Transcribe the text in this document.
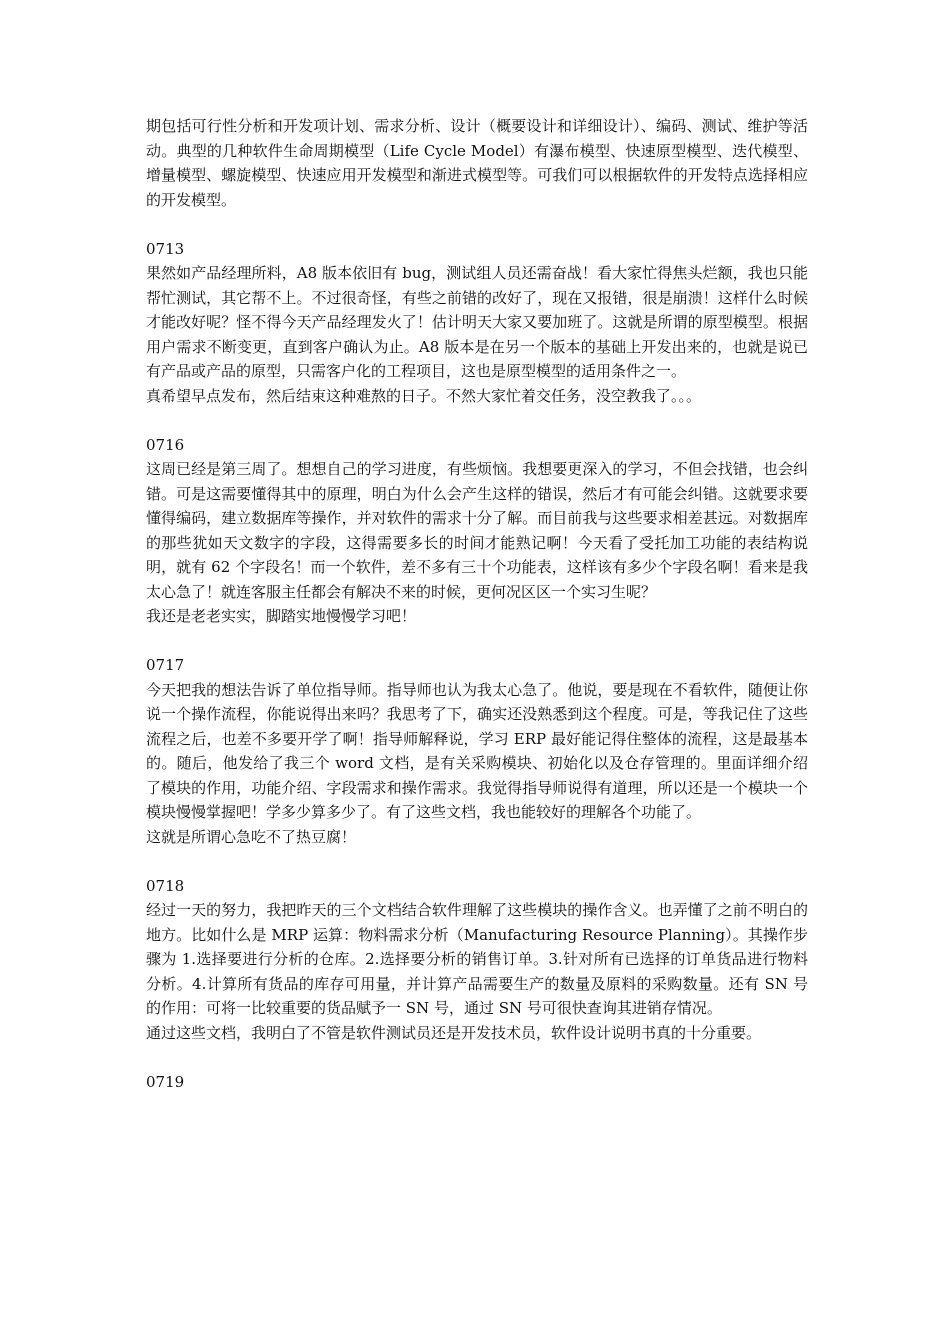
期包括可行性分析和开发项计划、需求分析、设计（概要设计和详细设计）、编码、测试、维护等活动。典型的几种软件生命周期模型（Life Cycle Model）有瀑布模型、快速原型模型、迭代模型、增量模型、螺旋模型、快速应用开发模型和渐进式模型等。可我们可以根据软件的开发特点选择相应的开发模型。

0713

果然如产品经理所料，A8 版本依旧有 bug，测试组人员还需奋战！看大家忙得焦头烂额，我也只能帮忙测试，其它帮不上。不过很奇怪，有些之前错的改好了，现在又报错，很是崩溃！这样什么时候才能改好呢？怪不得今天产品经理发火了！估计明天大家又要加班了。这就是所谓的原型模型。根据用户需求不断变更，直到客户确认为止。A8 版本是在另一个版本的基础上开发出来的，也就是说已有产品或产品的原型，只需客户化的工程项目，这也是原型模型的适用条件之一。

真希望早点发布，然后结束这种难熬的日子。不然大家忙着交任务，没空教我了。。。

0716

这周已经是第三周了。想想自己的学习进度，有些烦恼。我想要更深入的学习，不但会找错，也会纠错。可是这需要懂得其中的原理，明白为什么会产生这样的错误，然后才有可能会纠错。这就要求要懂得编码，建立数据库等操作，并对软件的需求十分了解。而目前我与这些要求相差甚远。对数据库的那些犹如天文数字的字段，这得需要多长的时间才能熟记啊！今天看了受托加工功能的表结构说明，就有 62 个字段名！而一个软件，差不多有三十个功能表，这样该有多少个字段名啊！看来是我太心急了！就连客服主任都会有解决不来的时候，更何况区区一个实习生呢？

我还是老老实实，脚踏实地慢慢学习吧！

0717

今天把我的想法告诉了单位指导师。指导师也认为我太心急了。他说，要是现在不看软件，随便让你说一个操作流程，你能说得出来吗？我思考了下，确实还没熟悉到这个程度。可是，等我记住了这些流程之后，也差不多要开学了啊！指导师解释说，学习 ERP 最好能记得住整体的流程，这是最基本的。随后，他发给了我三个 word 文档，是有关采购模块、初始化以及仓存管理的。里面详细介绍了模块的作用，功能介绍、字段需求和操作需求。我觉得指导师说得有道理，所以还是一个模块一个模块慢慢掌握吧！学多少算多少了。有了这些文档，我也能较好的理解各个功能了。

这就是所谓心急吃不了热豆腐！

0718

经过一天的努力，我把昨天的三个文档结合软件理解了这些模块的操作含义。也弄懂了之前不明白的地方。比如什么是 MRP 运算：物料需求分析（Manufacturing Resource Planning）。其操作步骤为 1.选择要进行分析的仓库。2.选择要分析的销售订单。3.针对所有已选择的订单货品进行物料分析。4.计算所有货品的库存可用量，并计算产品需要生产的数量及原料的采购数量。还有 SN 号的作用：可将一比较重要的货品赋予一 SN 号，通过 SN 号可很快查询其进销存情况。

通过这些文档，我明白了不管是软件测试员还是开发技术员，软件设计说明书真的十分重要。

0719
